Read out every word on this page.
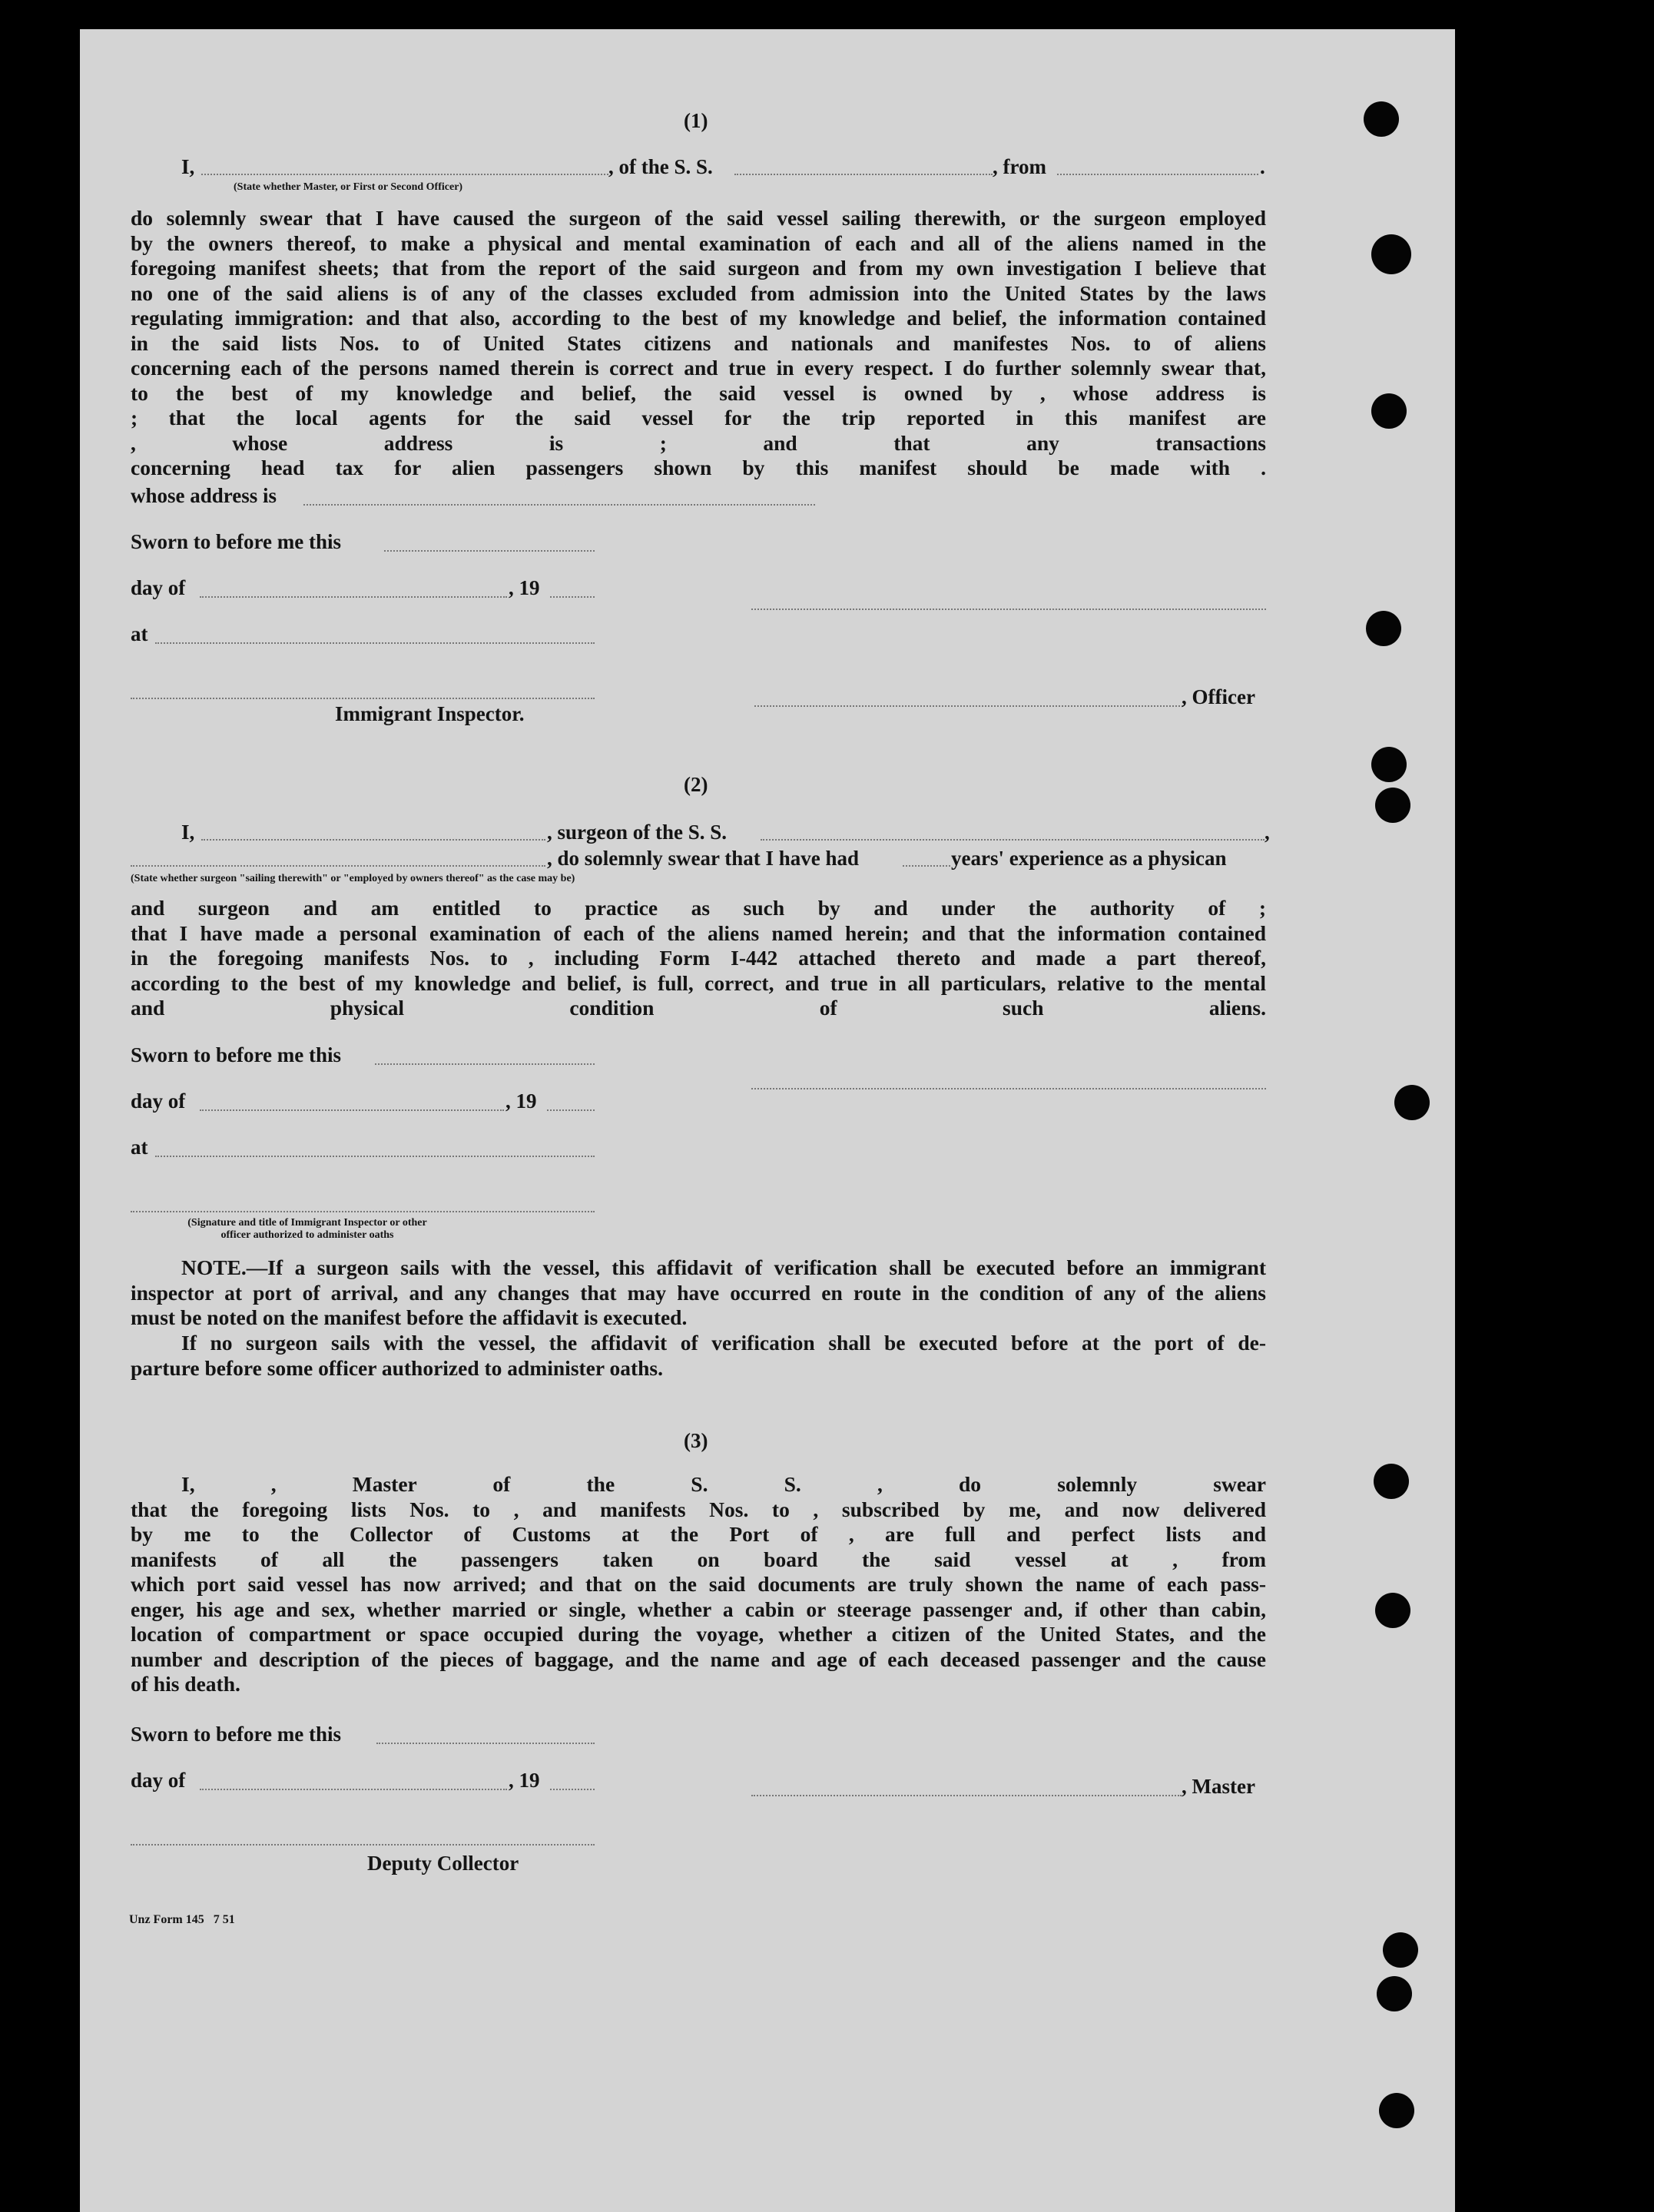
(1)
I,	, of the S. S.	, from	.
(State whether Master, or First or Second Officer)
do solemnly swear that I have caused the surgeon of the said vessel sailing therewith, or the surgeon employed
by the owners thereof, to make a physical and mental examination of each and all of the aliens named in the
foregoing manifest sheets; that from the report of the said surgeon and from my own investigation I believe that
no one of the said aliens is of any of the classes excluded from admission into the United States by the laws
regulating immigration: and that also, according to the best of my knowledge and belief, the information contained
in the said lists Nos. to of United States citizens and nationals and manifestes Nos. to of aliens
concerning each of the persons named therein is correct and true in every respect. I do further solemnly swear that,
to the best of my knowledge and belief, the said vessel is owned by , whose address is
; that the local agents for the said vessel for the trip reported in this manifest are
, whose address is ; and that any transactions
concerning head tax for alien passengers shown by this manifest should be made with .
whose address is
Sworn to before me this
day of	, 19
at
, Officer
Immigrant Inspector.
(2)
I,	, surgeon of the S. S.	,
, do solemnly swear that I have had	years' experience as a physican
(State whether surgeon "sailing therewith" or "employed by owners thereof" as the case may be)
and surgeon and am entitled to practice as such by and under the authority of ;
that I have made a personal examination of each of the aliens named herein; and that the information contained
in the foregoing manifests Nos. to , including Form I-442 attached thereto and made a part thereof,
according to the best of my knowledge and belief, is full, correct, and true in all particulars, relative to the mental
and physical condition of such aliens.
Sworn to before me this
day of	, 19
at
(Signature and title of Immigrant Inspector or other
officer authorized to administer oaths
NOTE.—If a surgeon sails with the vessel, this affidavit of verification shall be executed before an immigrant
inspector at port of arrival, and any changes that may have occurred en route in the condition of any of the aliens
must be noted on the manifest before the affidavit is executed.
If no surgeon sails with the vessel, the affidavit of verification shall be executed before at the port of de-
parture before some officer authorized to administer oaths.
(3)
I, , Master of the S. S. , do solemnly swear
that the foregoing lists Nos. to , and manifests Nos. to , subscribed by me, and now delivered
by me to the Collector of Customs at the Port of , are full and perfect lists and
manifests of all the passengers taken on board the said vessel at , from
which port said vessel has now arrived; and that on the said documents are truly shown the name of each pass-
enger, his age and sex, whether married or single, whether a cabin or steerage passenger and, if other than cabin,
location of compartment or space occupied during the voyage, whether a citizen of the United States, and the
number and description of the pieces of baggage, and the name and age of each deceased passenger and the cause
of his death.
Sworn to before me this
day of	, 19	, Master
Deputy Collector
Unz Form 145   7 51
